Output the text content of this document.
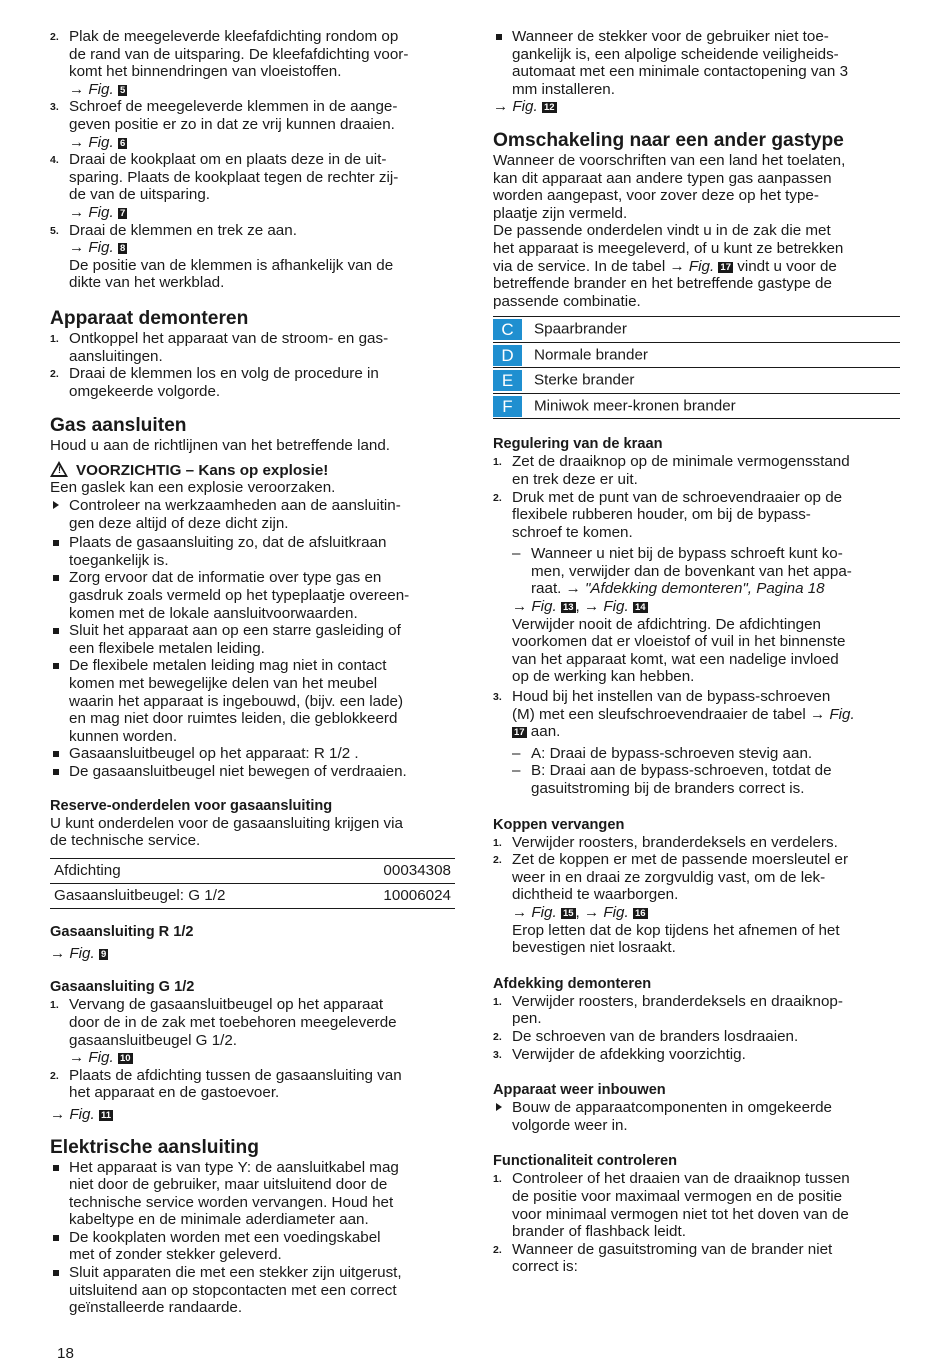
2. Plak de meegeleverde kleefafdichting rondom op
de rand van de uitsparing. De kleefafdichting voor-
komt het binnendringen van vloeistoffen.
→ Fig. 5
3. Schroef de meegeleverde klemmen in de aange-
geven positie er zo in dat ze vrij kunnen draaien.
→ Fig. 6
4. Draai de kookplaat om en plaats deze in de uit-
sparing. Plaats de kookplaat tegen de rechter zij-
de van de uitsparing.
→ Fig. 7
5. Draai de klemmen en trek ze aan.
→ Fig. 8
De positie van de klemmen is afhankelijk van de
dikte van het werkblad.
Apparaat demonteren
1. Ontkoppel het apparaat van de stroom- en gas-
aansluitingen.
2. Draai de klemmen los en volg de procedure in
omgekeerde volgorde.
Gas aansluiten

Houd u aan de richtlijnen van het betreffende land.

! VOORZICHTIG – Kans op explosie!

Een gaslek kan een explosie veroorzaken.

Controleer na werkzaamheden aan de aansluitin-
gen deze altijd of deze dicht zijn.
Plaats de gasaansluiting zo, dat de afsluitkraan
toegankelijk is.
Zorg ervoor dat de informatie over type gas en
gasdruk zoals vermeld op het typeplaatje overeen-
komen met de lokale aansluitvoorwaarden.
Sluit het apparaat aan op een starre gasleiding of
een flexibele metalen leiding.
De flexibele metalen leiding mag niet in contact
komen met bewegelijke delen van het meubel
waarin het apparaat is ingebouwd, (bijv. een lade)
en mag niet door ruimtes leiden, die geblokkeerd
kunnen worden.
Gasaansluitbeugel op het apparaat: R 1/2 .
De gasaansluitbeugel niet bewegen of verdraaien.
Reserve-onderdelen voor gasaansluiting

U kunt onderdelen voor de gasaansluiting krijgen via
de technische service.

Afdichting	00034308
Gasaansluitbeugel: G 1/2	10006024
Gasaansluiting R 1/2

→ Fig. 9

Gasaansluiting G 1/2
1. Vervang de gasaansluitbeugel op het apparaat
door de in de zak met toebehoren meegeleverde
gasaansluitbeugel G 1/2.
→ Fig. 10
2. Plaats de afdichting tussen de gasaansluiting van
het apparaat en de gastoevoer.

→ Fig. 11

Elektrische aansluiting
Het apparaat is van type Y: de aansluitkabel mag
niet door de gebruiker, maar uitsluitend door de
technische service worden vervangen. Houd het
kabeltype en de minimale aderdiameter aan.
De kookplaten worden met een voedingskabel
met of zonder stekker geleverd.
Sluit apparaten die met een stekker zijn uitgerust,
uitsluitend aan op stopcontacten met een correct
geïnstalleerde randaarde.
Wanneer de stekker voor de gebruiker niet toe-
gankelijk is, een alpolige scheidende veiligheids-
automaat met een minimale contactopening van 3
mm installeren.

→ Fig. 12

Omschakeling naar een ander gastype

Wanneer de voorschriften van een land het toelaten,
kan dit apparaat aan andere typen gas aanpassen
worden aangepast, voor zover deze op het type-
plaatje zijn vermeld.
De passende onderdelen vindt u in de zak die met
het apparaat is meegeleverd, of u kunt ze betrekken
via de service. In de tabel → Fig. 17 vindt u voor de
betreffende brander en het betreffende gastype de
passende combinatie.

C Spaarbrander
D Normale brander
E Sterke brander
F Miniwok meer-kronen brander
Regulering van de kraan
1. Zet de draaiknop op de minimale vermogensstand
en trek deze er uit.
2. Druk met de punt van de schroevendraaier op de
flexibele rubberen houder, om bij de bypass-
schroef te komen.
– Wanneer u niet bij de bypass schroeft kunt ko-
men, verwijder dan de bovenkant van het appa-
raat. → "Afdekking demonteren", Pagina 18
→ Fig. 13 , → Fig. 14
Verwijder nooit de afdichtring. De afdichtingen
voorkomen dat er vloeistof of vuil in het binnenste
van het apparaat komt, wat een nadelige invloed
op de werking kan hebben.
3. Houd bij het instellen van de bypass-schroeven
(M) met een sleufschroevendraaier de tabel → Fig.
17 aan.
– A: Draai de bypass-schroeven stevig aan.
– B: Draai aan de bypass-schroeven, totdat de
gasuitstroming bij de branders correct is.
Koppen vervangen
1. Verwijder roosters, branderdeksels en verdelers.
2. Zet de koppen er met de passende moersleutel er
weer in en draai ze zorgvuldig vast, om de lek-
dichtheid te waarborgen.
→ Fig. 15 , → Fig. 16
Erop letten dat de kop tijdens het afnemen of het
bevestigen niet losraakt.
Afdekking demonteren
1. Verwijder roosters, branderdeksels en draaiknop-
pen.
2. De schroeven van de branders losdraaien.
3. Verwijder de afdekking voorzichtig.
Apparaat weer inbouwen
Bouw de apparaatcomponenten in omgekeerde
volgorde weer in.
Functionaliteit controleren
1. Controleer of het draaien van de draaiknop tussen
de positie voor maximaal vermogen en de positie
voor minimaal vermogen niet tot het doven van de
brander of flashback leidt.
2. Wanneer de gasuitstroming van de brander niet
correct is:
18
